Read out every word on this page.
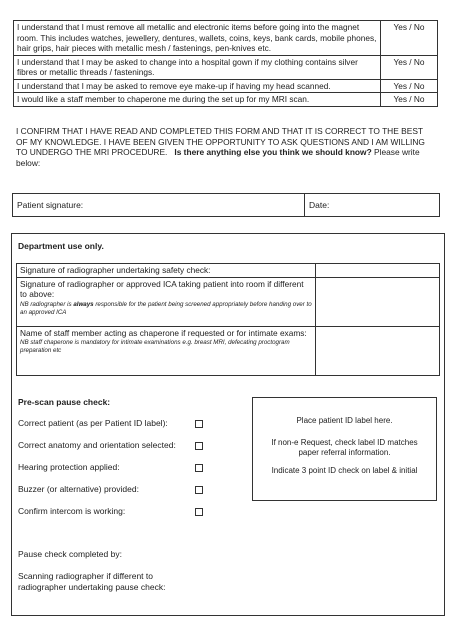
I understand that I must remove all metallic and electronic items before going into the magnet room. This includes watches, jewellery, dentures, wallets, coins, keys, bank cards, mobile phones, hair grips, hair pieces with metallic mesh / fastenings, pen-knives etc.	Yes / No
I understand that I may be asked to change into a hospital gown if my clothing contains silver fibres or metallic threads / fastenings.	Yes / No
I understand that I may be asked to remove eye make-up if having my head scanned.	Yes / No
I would like a staff member to chaperone me during the set up for my MRI scan.	Yes / No
I CONFIRM THAT I HAVE READ AND COMPLETED THIS FORM AND THAT IT IS CORRECT TO THE BEST OF MY KNOWLEDGE. I HAVE BEEN GIVEN THE OPPORTUNITY TO ASK QUESTIONS AND I AM WILLING TO UNDERGO THE MRI PROCEDURE. Is there anything else you think we should know? Please write below:
Patient signature:	Date:
Department use only.
Signature of radiographer undertaking safety check:	
Signature of radiographer or approved ICA taking patient into room if different to above:
NB radiographer is always responsible for the patient being screened appropriately before handing over to an approved ICA	

Name of staff member acting as chaperone if requested or for intimate exams:
NB staff chaperone is mandatory for intimate examinations e.g. breast MRI, defecating proctogram preparation etc	

Pre-scan pause check:
Correct patient (as per Patient ID label):
Correct anatomy and orientation selected:
Hearing protection applied:
Buzzer (or alternative) provided:
Confirm intercom is working:
Place patient ID label here.
If non-e Request, check label ID matches paper referral information.
Indicate 3 point ID check on label & initial
Pause check completed by:
Scanning radiographer if different to radiographer undertaking pause check:
